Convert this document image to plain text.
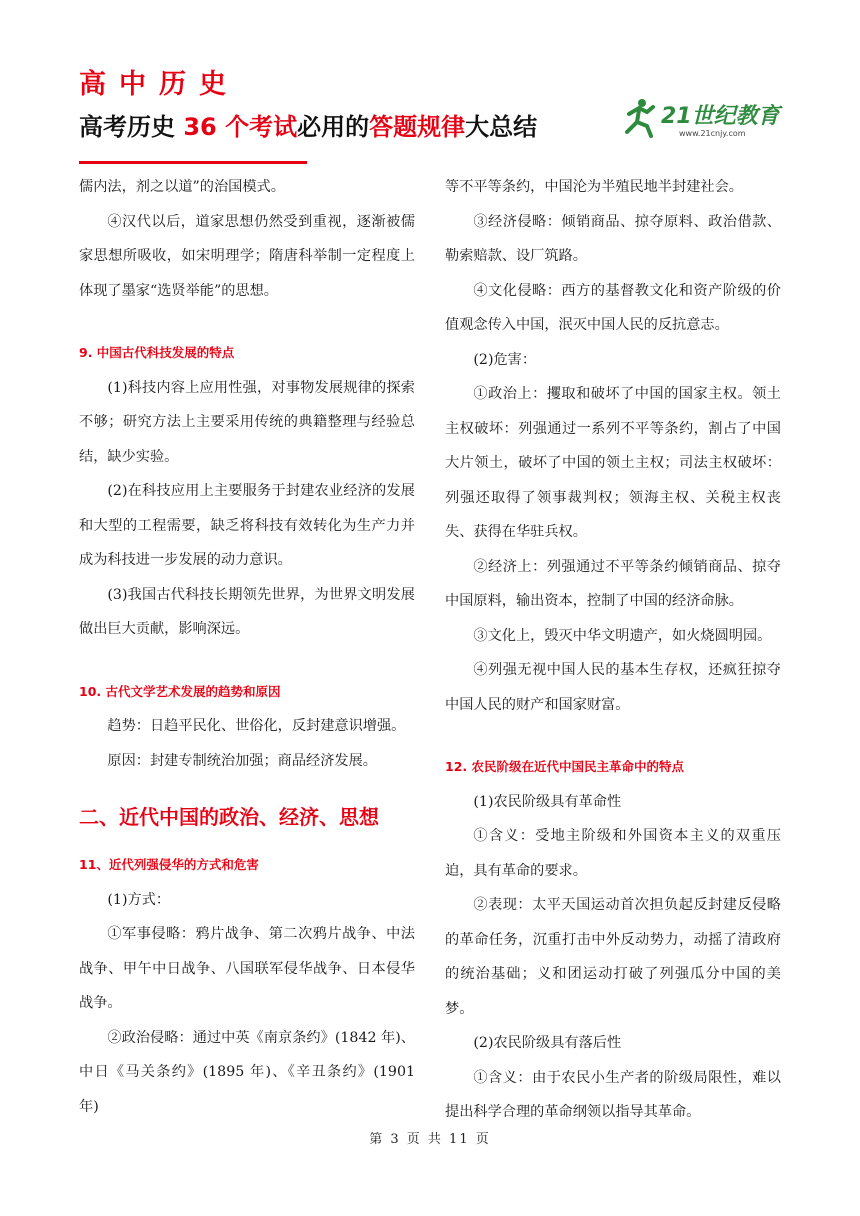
高中历史
高考历史 36 个考试必用的答题规律大总结	21世纪教育
www.21cnjy.com

儒内法，剂之以道”的治国模式。

④汉代以后，道家思想仍然受到重视，逐渐被儒家思想所吸收，如宋明理学；隋唐科举制一定程度上体现了墨家“选贤举能”的思想。

9. 中国古代科技发展的特点

(1)科技内容上应用性强，对事物发展规律的探索不够；研究方法上主要采用传统的典籍整理与经验总结，缺少实验。

(2)在科技应用上主要服务于封建农业经济的发展和大型的工程需要，缺乏将科技有效转化为生产力并成为科技进一步发展的动力意识。

(3)我国古代科技长期领先世界，为世界文明发展做出巨大贡献，影响深远。

10. 古代文学艺术发展的趋势和原因

趋势：日趋平民化、世俗化，反封建意识增强。

原因：封建专制统治加强；商品经济发展。

二、近代中国的政治、经济、思想
11、近代列强侵华的方式和危害

(1)方式：

①军事侵略：鸦片战争、第二次鸦片战争、中法战争、甲午中日战争、八国联军侵华战争、日本侵华战争。

②政治侵略：通过中英《南京条约》(1842 年)、中日《马关条约》(1895 年)、《辛丑条约》(1901 年)

等不平等条约，中国沦为半殖民地半封建社会。

③经济侵略：倾销商品、掠夺原料、政治借款、勒索赔款、设厂筑路。

④文化侵略：西方的基督教文化和资产阶级的价值观念传入中国，泯灭中国人民的反抗意志。

(2)危害：

①政治上：攫取和破坏了中国的国家主权。领土主权破坏：列强通过一系列不平等条约，割占了中国大片领土，破坏了中国的领土主权；司法主权破坏：列强还取得了领事裁判权；领海主权、关税主权丧失、获得在华驻兵权。

②经济上：列强通过不平等条约倾销商品、掠夺中国原料，输出资本，控制了中国的经济命脉。

③文化上，毁灭中华文明遗产，如火烧圆明园。

④列强无视中国人民的基本生存权，还疯狂掠夺中国人民的财产和国家财富。

12. 农民阶级在近代中国民主革命中的特点

(1)农民阶级具有革命性

①含义：受地主阶级和外国资本主义的双重压迫，具有革命的要求。

②表现：太平天国运动首次担负起反封建反侵略的革命任务，沉重打击中外反动势力，动摇了清政府的统治基础；义和团运动打破了列强瓜分中国的美梦。

(2)农民阶级具有落后性

①含义：由于农民小生产者的阶级局限性，难以提出科学合理的革命纲领以指导其革命。

第 3 页 共 11 页
